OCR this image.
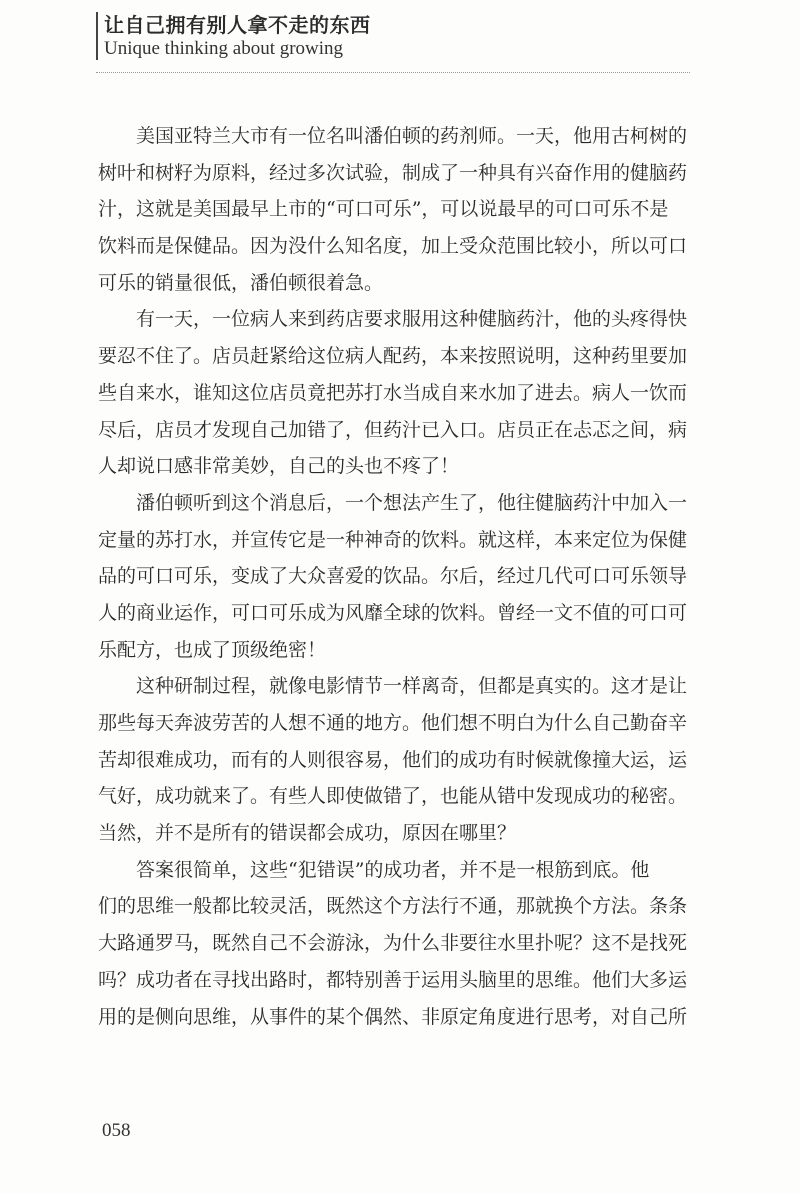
让自己拥有别人拿不走的东西
Unique thinking about growing
美国亚特兰大市有一位名叫潘伯顿的药剂师。一天，他用古柯树的
树叶和树籽为原料，经过多次试验，制成了一种具有兴奋作用的健脑药
汁，这就是美国最早上市的“可口可乐”，可以说最早的可口可乐不是
饮料而是保健品。因为没什么知名度，加上受众范围比较小，所以可口
可乐的销量很低，潘伯顿很着急。
有一天，一位病人来到药店要求服用这种健脑药汁，他的头疼得快
要忍不住了。店员赶紧给这位病人配药，本来按照说明，这种药里要加
些自来水，谁知这位店员竟把苏打水当成自来水加了进去。病人一饮而
尽后，店员才发现自己加错了，但药汁已入口。店员正在忐忑之间，病
人却说口感非常美妙，自己的头也不疼了！
潘伯顿听到这个消息后，一个想法产生了，他往健脑药汁中加入一
定量的苏打水，并宣传它是一种神奇的饮料。就这样，本来定位为保健
品的可口可乐，变成了大众喜爱的饮品。尔后，经过几代可口可乐领导
人的商业运作，可口可乐成为风靡全球的饮料。曾经一文不值的可口可
乐配方，也成了顶级绝密！
这种研制过程，就像电影情节一样离奇，但都是真实的。这才是让
那些每天奔波劳苦的人想不通的地方。他们想不明白为什么自己勤奋辛
苦却很难成功，而有的人则很容易，他们的成功有时候就像撞大运，运
气好，成功就来了。有些人即使做错了，也能从错中发现成功的秘密。
当然，并不是所有的错误都会成功，原因在哪里？
答案很简单，这些“犯错误”的成功者，并不是一根筋到底。他
们的思维一般都比较灵活，既然这个方法行不通，那就换个方法。条条
大路通罗马，既然自己不会游泳，为什么非要往水里扑呢？这不是找死
吗？成功者在寻找出路时，都特别善于运用头脑里的思维。他们大多运
用的是侧向思维，从事件的某个偶然、非原定角度进行思考，对自己所
058
